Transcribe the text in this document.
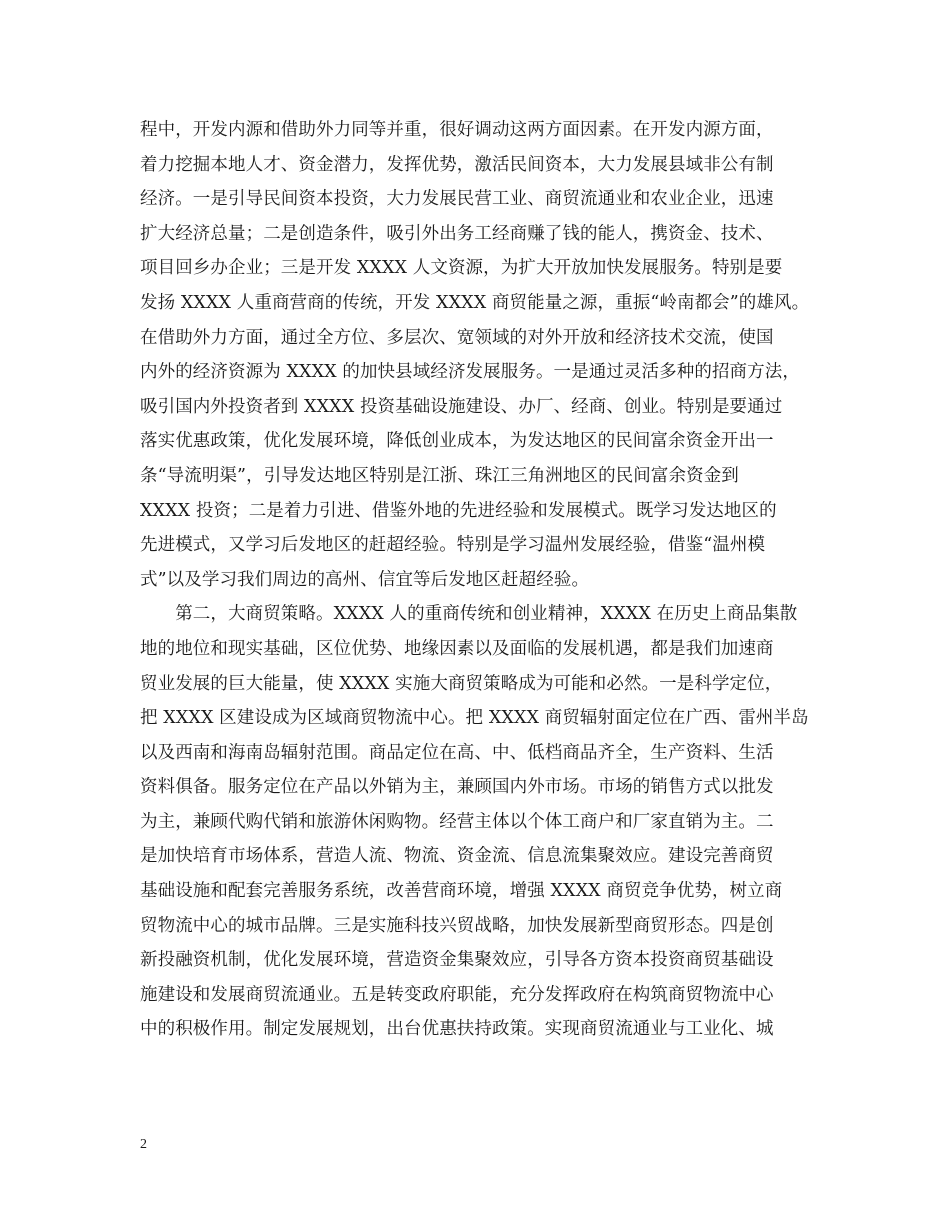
程中，开发内源和借助外力同等并重，很好调动这两方面因素。在开发内源方面，
着力挖掘本地人才、资金潜力，发挥优势，激活民间资本，大力发展县域非公有制
经济。一是引导民间资本投资，大力发展民营工业、商贸流通业和农业企业，迅速
扩大经济总量；二是创造条件，吸引外出务工经商赚了钱的能人，携资金、技术、
项目回乡办企业；三是开发 XXXX 人文资源，为扩大开放加快发展服务。特别是要
发扬 XXXX 人重商营商的传统，开发 XXXX 商贸能量之源，重振“岭南都会”的雄风。
在借助外力方面，通过全方位、多层次、宽领域的对外开放和经济技术交流，使国
内外的经济资源为 XXXX 的加快县域经济发展服务。一是通过灵活多种的招商方法，
吸引国内外投资者到 XXXX 投资基础设施建设、办厂、经商、创业。特别是要通过
落实优惠政策，优化发展环境，降低创业成本，为发达地区的民间富余资金开出一
条“导流明渠”，引导发达地区特别是江浙、珠江三角洲地区的民间富余资金到
XXXX 投资；二是着力引进、借鉴外地的先进经验和发展模式。既学习发达地区的
先进模式，又学习后发地区的赶超经验。特别是学习温州发展经验，借鉴“温州模
式”以及学习我们周边的高州、信宜等后发地区赶超经验。
　　第二，大商贸策略。XXXX 人的重商传统和创业精神，XXXX 在历史上商品集散
地的地位和现实基础，区位优势、地缘因素以及面临的发展机遇，都是我们加速商
贸业发展的巨大能量，使 XXXX 实施大商贸策略成为可能和必然。一是科学定位，
把 XXXX 区建设成为区域商贸物流中心。把 XXXX 商贸辐射面定位在广西、雷州半岛
以及西南和海南岛辐射范围。商品定位在高、中、低档商品齐全，生产资料、生活
资料俱备。服务定位在产品以外销为主，兼顾国内外市场。市场的销售方式以批发
为主，兼顾代购代销和旅游休闲购物。经营主体以个体工商户和厂家直销为主。二
是加快培育市场体系，营造人流、物流、资金流、信息流集聚效应。建设完善商贸
基础设施和配套完善服务系统，改善营商环境，增强 XXXX 商贸竞争优势，树立商
贸物流中心的城市品牌。三是实施科技兴贸战略，加快发展新型商贸形态。四是创
新投融资机制，优化发展环境，营造资金集聚效应，引导各方资本投资商贸基础设
施建设和发展商贸流通业。五是转变政府职能，充分发挥政府在构筑商贸物流中心
中的积极作用。制定发展规划，出台优惠扶持政策。实现商贸流通业与工业化、城
2
